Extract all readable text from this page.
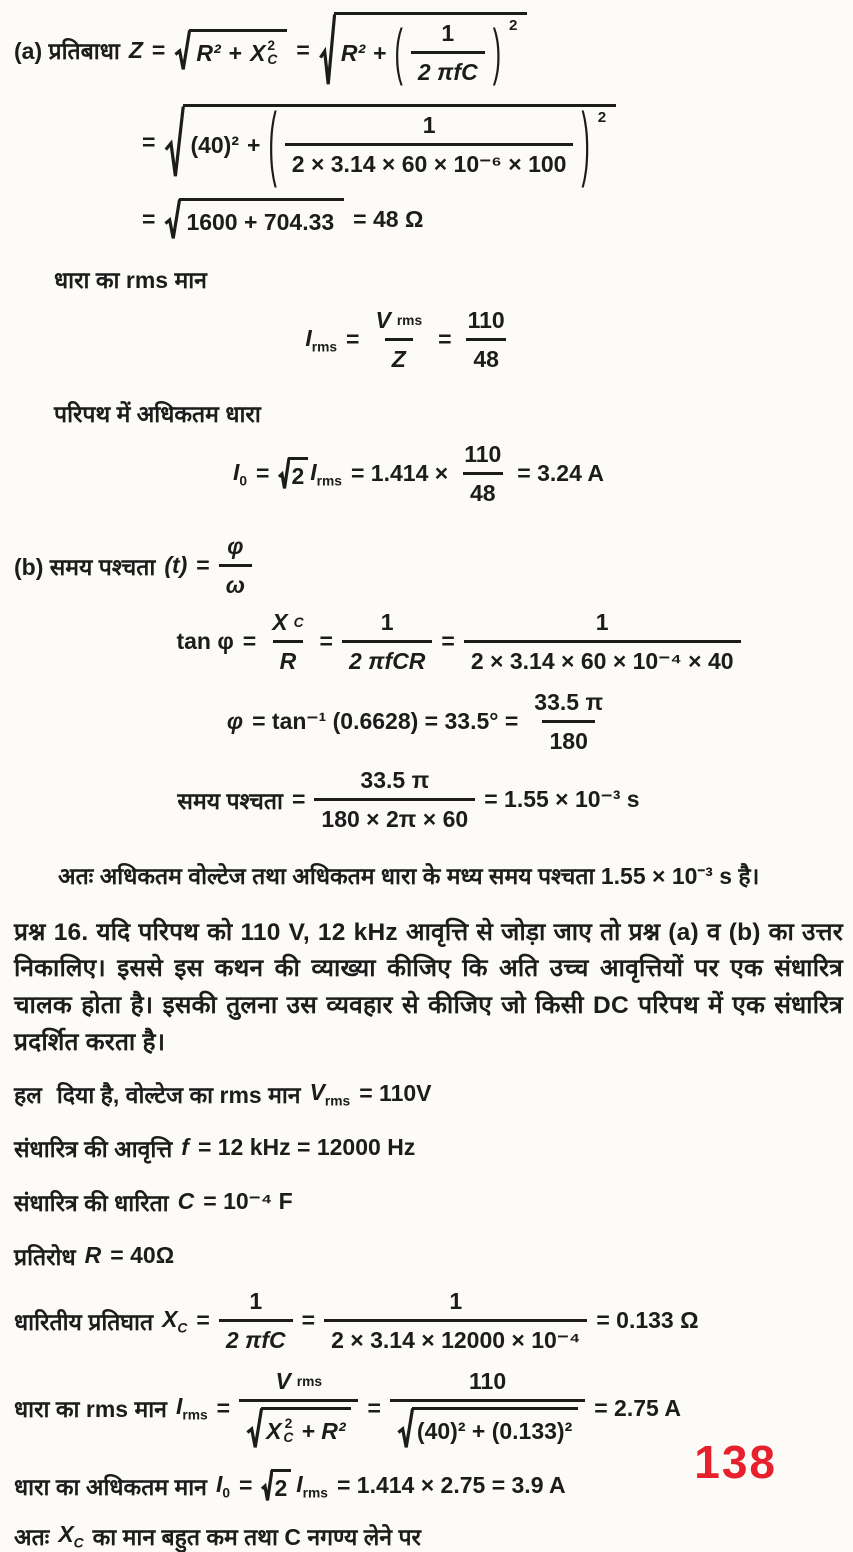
(a) प्रतिबाधा Z = R² + X 2
C = R² + ( $\frac{1}{\text{2 πfC}}$ ) 2
= (40)² + ( $\frac{1}{\text{2 × 3.14 × 60 × 10⁻⁶ × 100}}$ ) 2
= 1600 + 704.33 = 48 Ω
धारा का rms मान
$I_{rms} = \frac{\text{V rms}}{Z} = \frac{110}{48}$
परिपथ में अधिकतम धारा
$I_0 = 2$ $I_{rms} = 1.414 \times \frac{110}{48} = 3.24$ A
(b) समय पश्चता $(t) = \frac{\varphi}{\omega}$
$\tan \varphi = \frac{\text{X C}}{R} = \frac{1}{\text{2 πfCR}} = \frac{1}{\text{2 × 3.14 × 60 × 10⁻⁴ × 40}}$
φ = tan⁻¹ $(0.6628) = 33.5^\circ = \frac{33.5 \pi}{180}$
समय पश्चता = $\frac{33.5 \pi}{180 \times 2\pi \times 60} = 1.55 \times 10^{-3}$ s
अतः अधिकतम वोल्टेज तथा अधिकतम धारा के मध्य समय पश्चता 1.55 × 10⁻³ s है।

प्रश्न 16. यदि परिपथ को 110 V, 12 kHz आवृत्ति से जोड़ा जाए तो प्रश्न (a) व (b) का उत्तर निकालिए। इससे इस कथन की व्याख्या कीजिए कि अति उच्च आवृत्तियों पर एक संधारित्र चालक होता है। इसकी तुलना उस व्यवहार से कीजिए जो किसी DC परिपथ में एक संधारित्र प्रदर्शित करता है।

हल दिया है, वोल्टेज का rms मान $V_{rms} = 110V$
संधारित्र की आवृत्ति f = 12 kHz = 12000 Hz
संधारित्र की धारिता C = 10⁻⁴ F
प्रतिरोध R = 40Ω
धारितीय प्रतिघात $X_C = \frac{1}{\text{2 πfC}} = \frac{1}{\text{2 × 3.14 × 12000 × 10⁻⁴}} = 0.133$ Ω
धारा का rms मान $I_{rms}$ =
V rms
X 2
C + R²
= $\frac{110}{\text{(40)² + (0.133)²}} = 2.75$ A
धारा का अधिकतम मान $I_0 = 2$ $I_{rms} = 1.414 \times 2.75 = 3.9$ A
अतः $X_C$ का मान बहुत कम तथा C नगण्य लेने पर
138
